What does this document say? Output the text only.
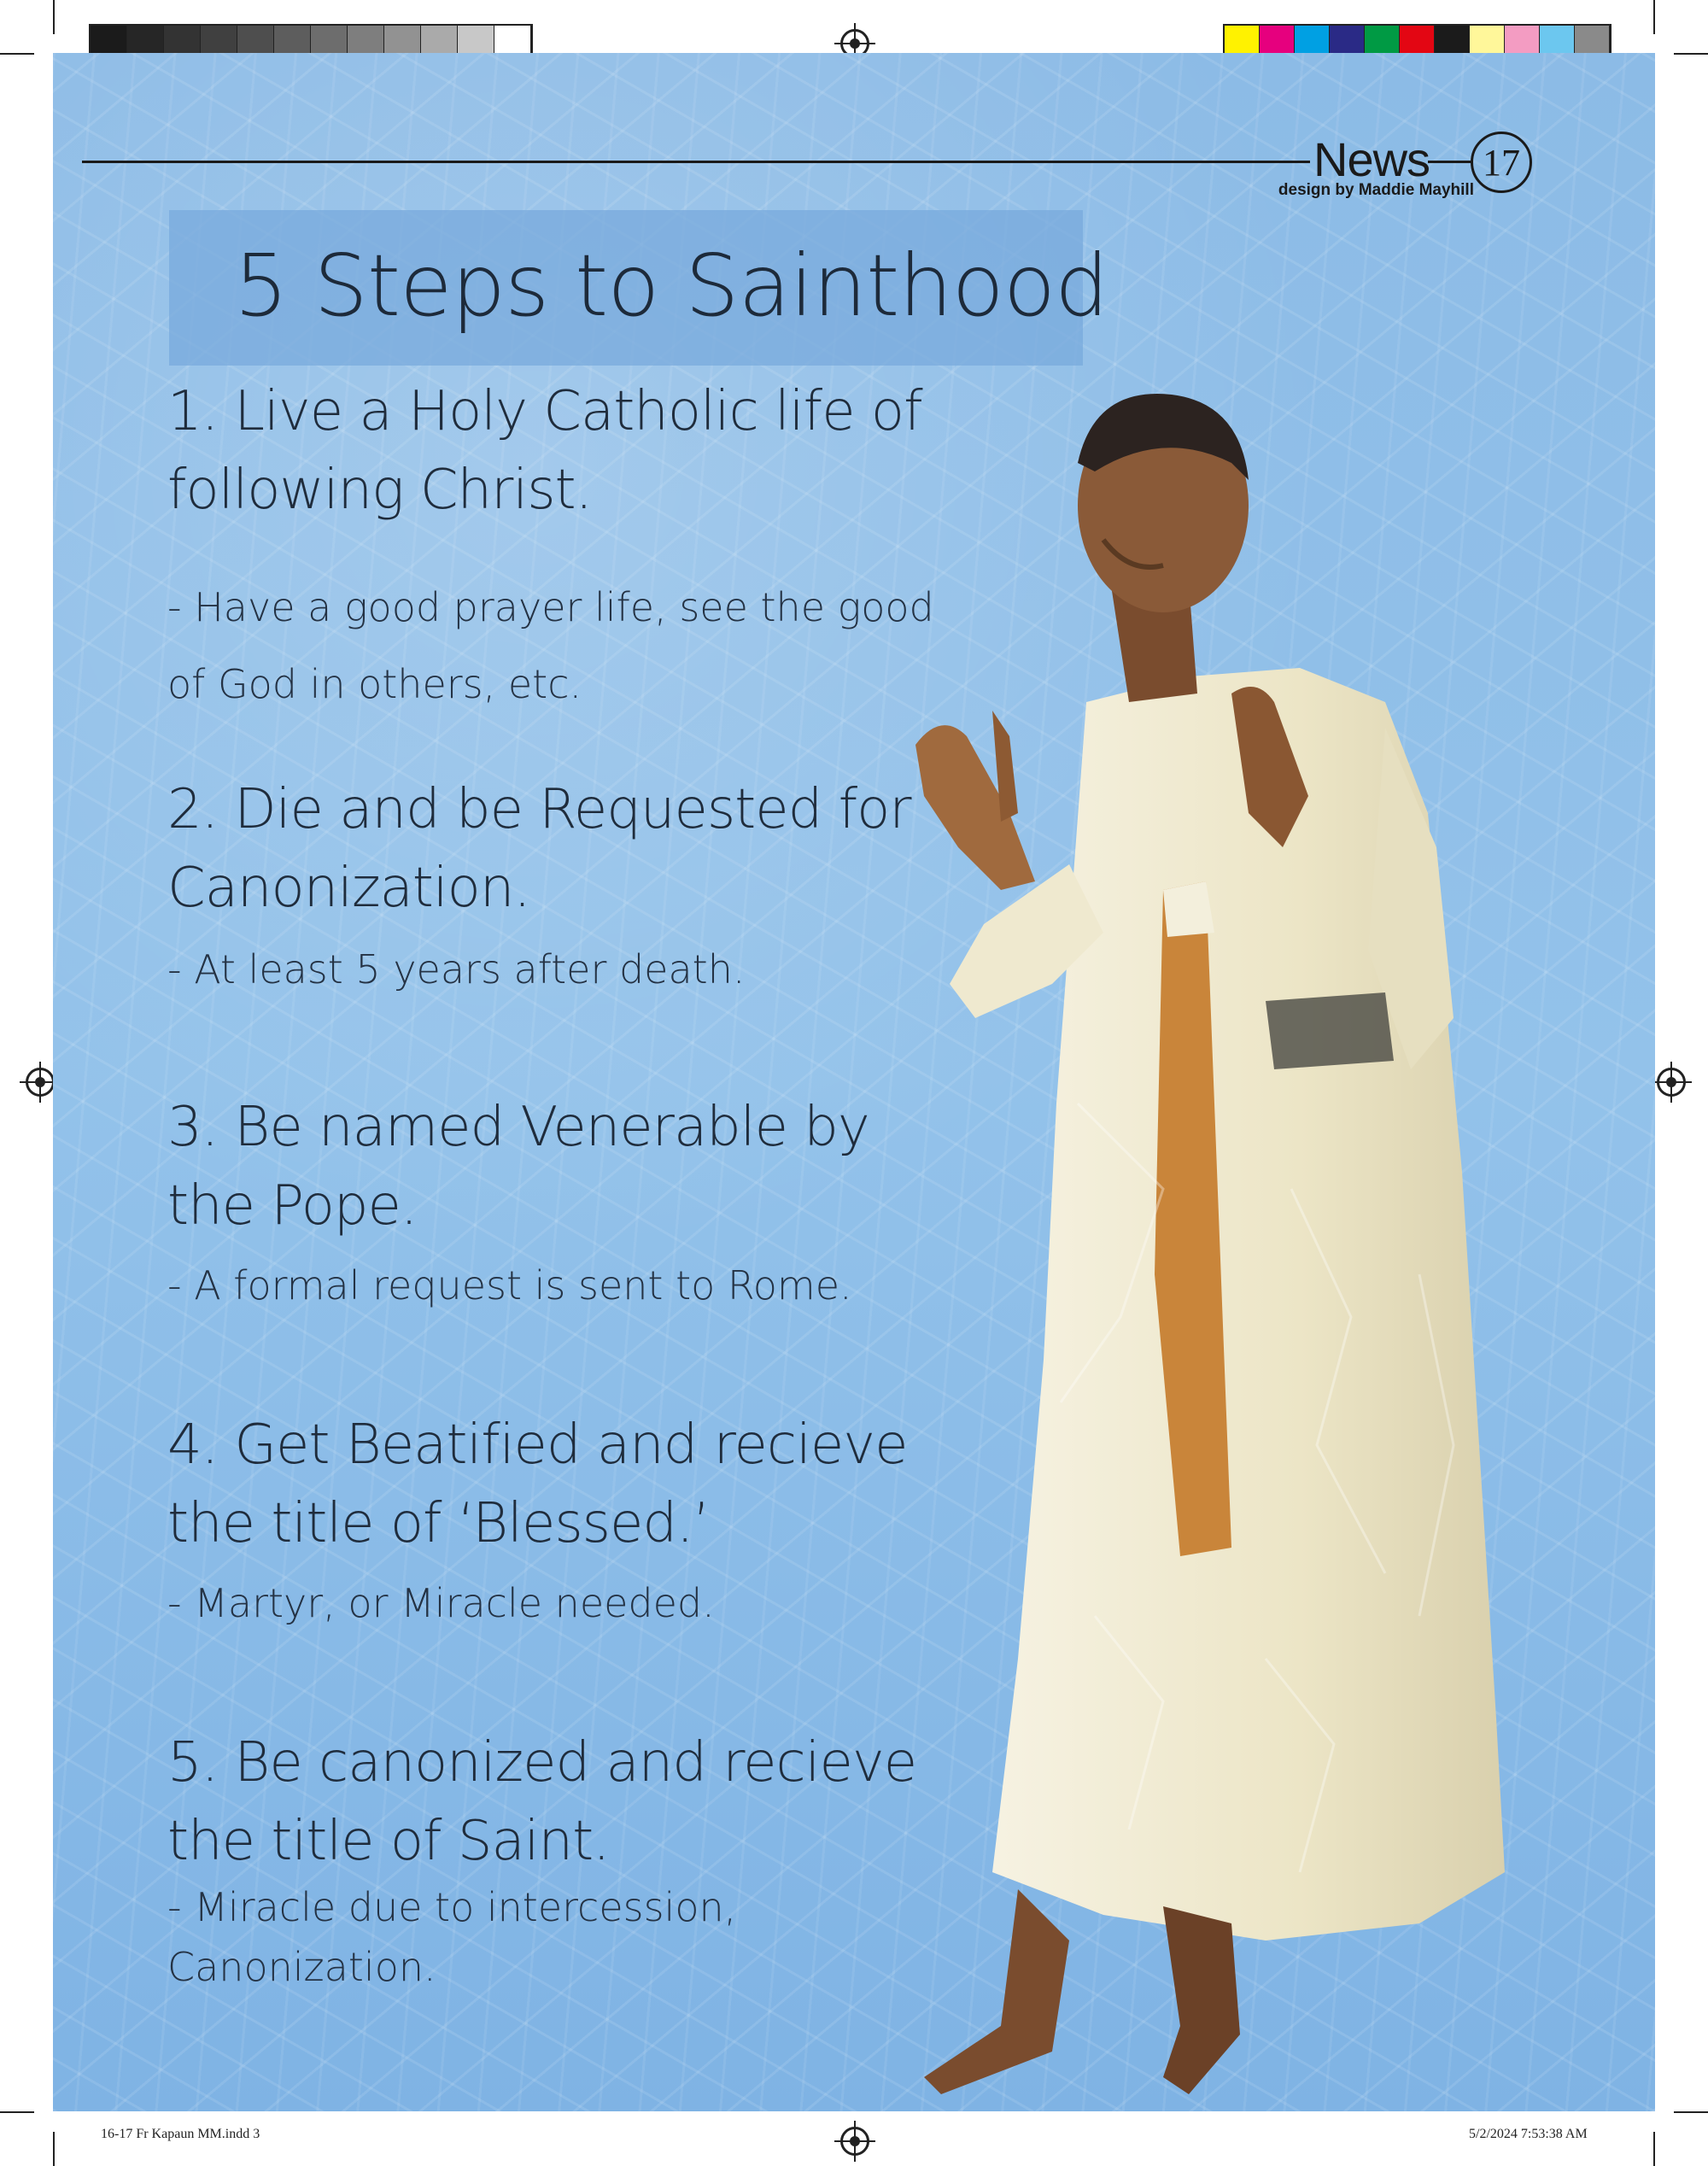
News	17
design by Maddie Mayhill
5 Steps to Sainthood
1. Live a Holy Catholic life of following Christ.
- Have a good prayer life, see the good of God in others, etc.
2. Die and be Requested for Canonization.
- At least 5 years after death.
3. Be named Venerable by the Pope.
- A formal request is sent to Rome.
4. Get Beatified and recieve the title of ‘Blessed.’
- Martyr, or Miracle needed.
5. Be canonized and recieve the title of Saint.
- Miracle due to intercession, Canonization.
16-17 Fr Kapaun MM.indd 3	5/2/2024 7:53:38 AM
